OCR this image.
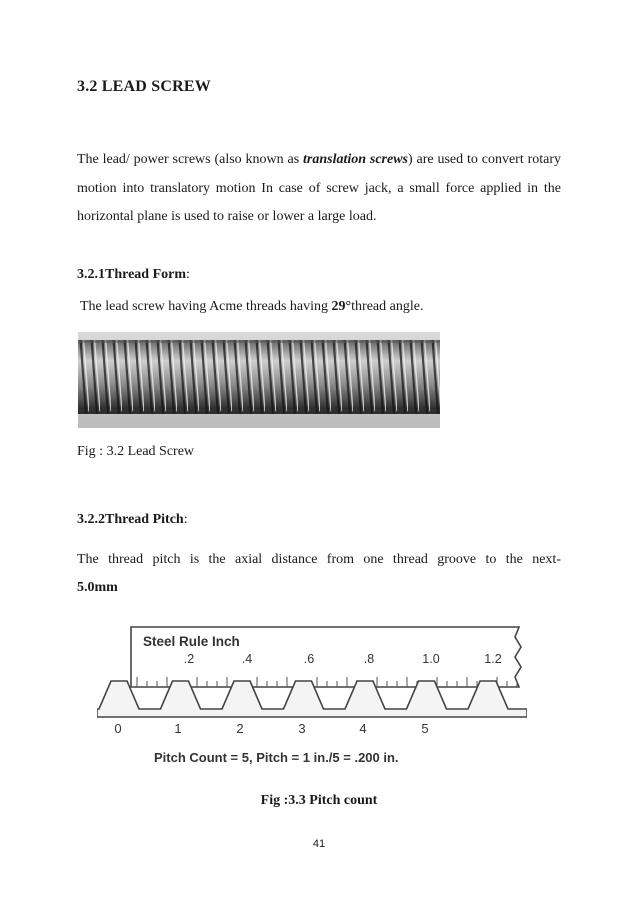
3.2 LEAD SCREW

The lead/ power screws (also known as translation screws) are used to convert rotary motion into translatory motion In case of screw jack, a small force applied in the horizontal plane is used to raise or lower a large load.

3.2.1Thread Form:
The lead screw having Acme threads having 29°thread angle.
Fig : 3.2 Lead Screw
3.2.2Thread Pitch:

The thread pitch is the axial distance from one thread groove to the next-
5.0mm

Steel Rule Inch
.2	.4	.6	.8	1.0	1.2
0	1	2	3	4	5
Pitch Count = 5, Pitch = 1 in./5 = .200 in.
Fig :3.3 Pitch count
41
